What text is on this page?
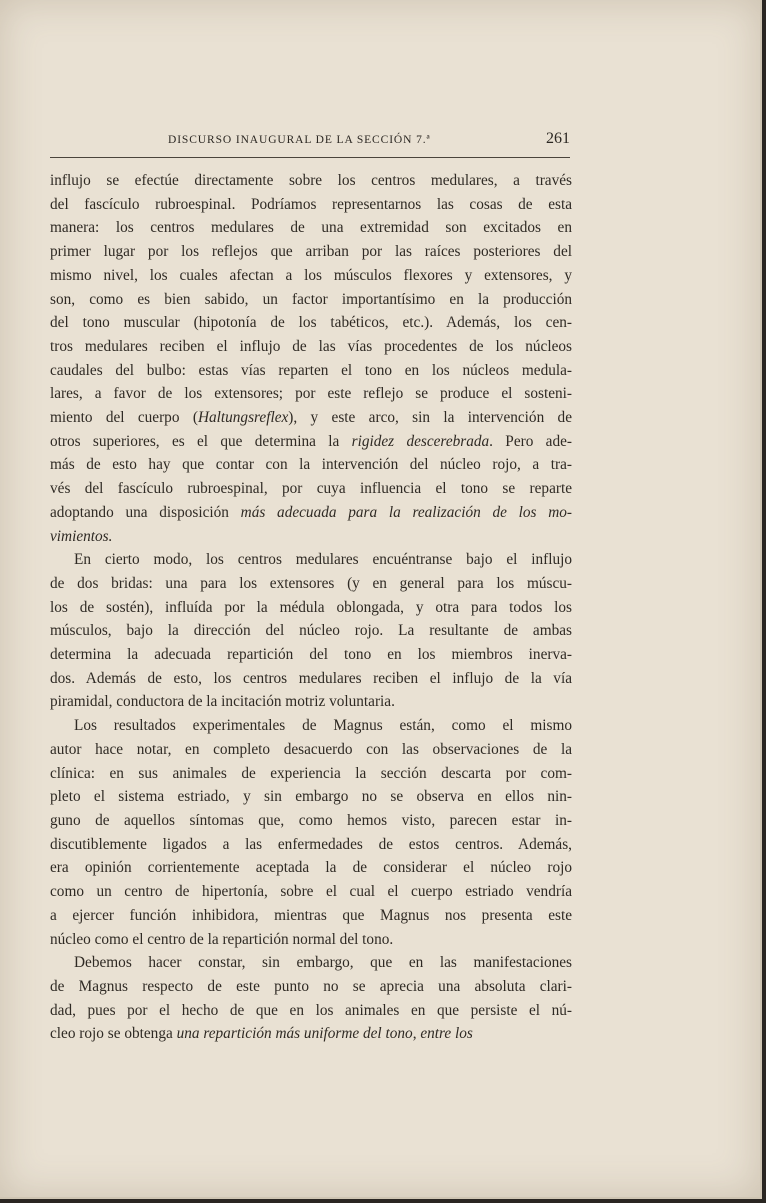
DISCURSO INAUGURAL DE LA SECCIÓN 7.ª	261

influjo se efectúe directamente sobre los centros medulares, a través
del fascículo rubroespinal. Podríamos representarnos las cosas de esta
manera: los centros medulares de una extremidad son excitados en
primer lugar por los reflejos que arriban por las raíces posteriores del
mismo nivel, los cuales afectan a los músculos flexores y extensores, y
son, como es bien sabido, un factor importantísimo en la producción
del tono muscular (hipotonía de los tabéticos, etc.). Además, los cen-
tros medulares reciben el influjo de las vías procedentes de los núcleos
caudales del bulbo: estas vías reparten el tono en los núcleos medula-
lares, a favor de los extensores; por este reflejo se produce el sosteni-
miento del cuerpo (Haltungsreflex), y este arco, sin la intervención de
otros superiores, es el que determina la rigidez descerebrada. Pero ade-
más de esto hay que contar con la intervención del núcleo rojo, a tra-
vés del fascículo rubroespinal, por cuya influencia el tono se reparte
adoptando una disposición más adecuada para la realización de los mo-
vimientos.

En cierto modo, los centros medulares encuéntranse bajo el influjo
de dos bridas: una para los extensores (y en general para los múscu-
los de sostén), influída por la médula oblongada, y otra para todos los
músculos, bajo la dirección del núcleo rojo. La resultante de ambas
determina la adecuada repartición del tono en los miembros inerva-
dos. Además de esto, los centros medulares reciben el influjo de la vía
piramidal, conductora de la incitación motriz voluntaria.

Los resultados experimentales de Magnus están, como el mismo
autor hace notar, en completo desacuerdo con las observaciones de la
clínica: en sus animales de experiencia la sección descarta por com-
pleto el sistema estriado, y sin embargo no se observa en ellos nin-
guno de aquellos síntomas que, como hemos visto, parecen estar in-
discutiblemente ligados a las enfermedades de estos centros. Además,
era opinión corrientemente aceptada la de considerar el núcleo rojo
como un centro de hipertonía, sobre el cual el cuerpo estriado vendría
a ejercer función inhibidora, mientras que Magnus nos presenta este
núcleo como el centro de la repartición normal del tono.

Debemos hacer constar, sin embargo, que en las manifestaciones
de Magnus respecto de este punto no se aprecia una absoluta clari-
dad, pues por el hecho de que en los animales en que persiste el nú-
cleo rojo se obtenga una repartición más uniforme del tono, entre los
